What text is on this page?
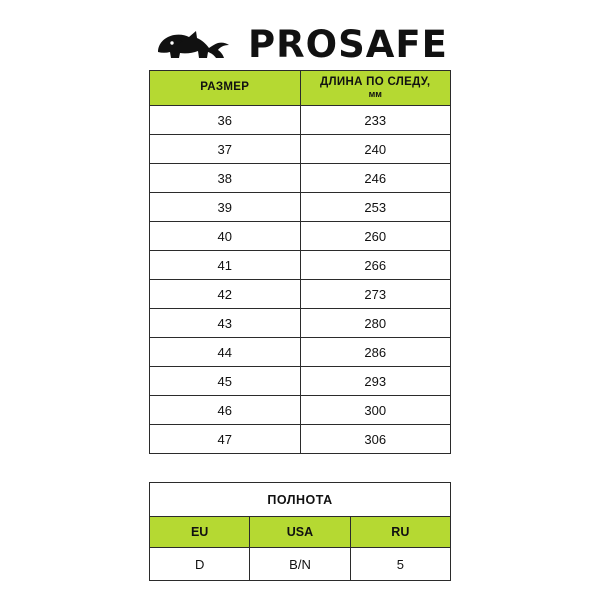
PROSAFE
РАЗМЕР	ДЛИНА ПО СЛЕДУ,
мм

36	233
37	240
38	246
39	253
40	260
41	266
42	273
43	280
44	286
45	293
46	300
47	306
ПОЛНОТА		
EU	USA	RU
D	B/N	5
